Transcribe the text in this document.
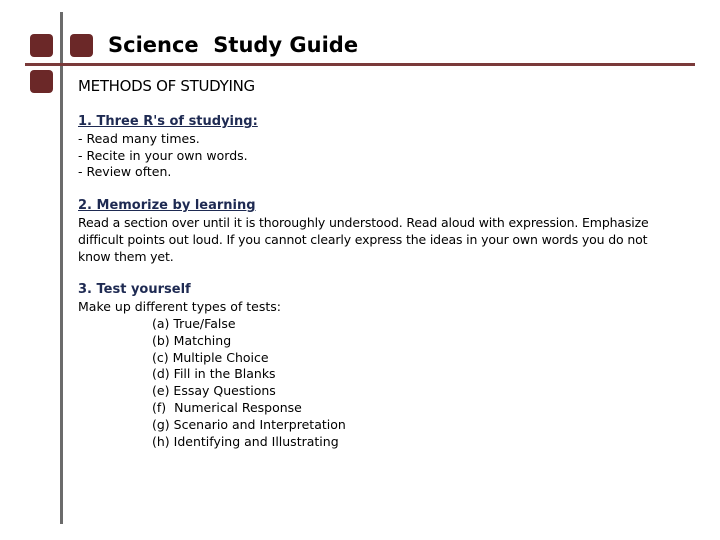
Science  Study Guide
METHODS OF STUDYING
1. Three R's of studying:
- Read many times.
- Recite in your own words.
- Review often.
2. Memorize by learning
Read a section over until it is thoroughly understood. Read aloud with expression. Emphasize difficult points out loud. If you cannot clearly express the ideas in your own words you do not know them yet.
3. Test yourself
Make up different types of tests:
(a) True/False
(b) Matching
(c) Multiple Choice
(d) Fill in the Blanks
(e) Essay Questions
(f)  Numerical Response
(g) Scenario and Interpretation
(h) Identifying and Illustrating
